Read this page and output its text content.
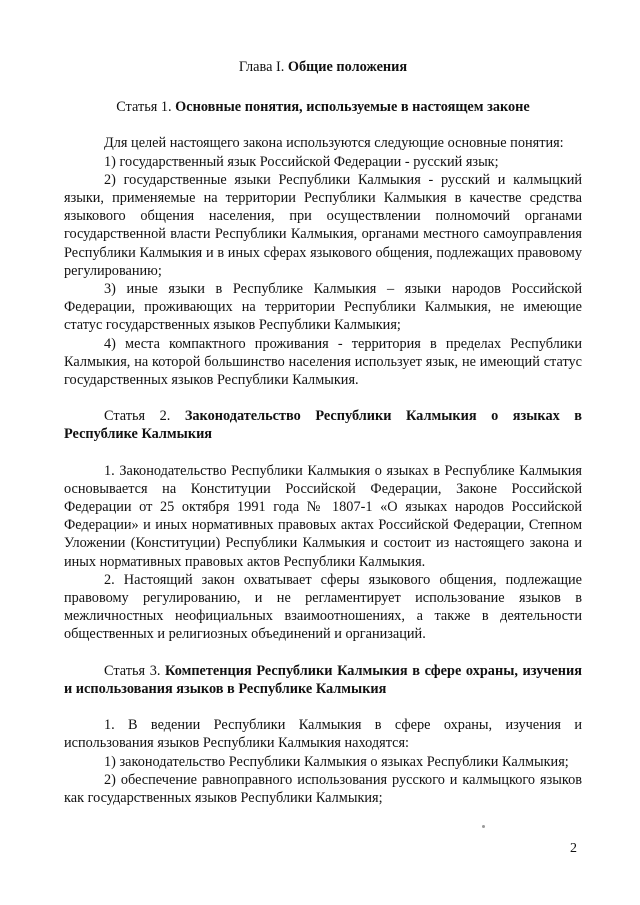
Глава I. Общие положения

Статья 1. Основные понятия, используемые в настоящем законе

Для целей настоящего закона используются следующие основные понятия:

1) государственный язык Российской Федерации - русский язык;

2) государственные языки Республики Калмыкия - русский и калмыцкий языки, применяемые на территории Республики Калмыкия в качестве средства языкового общения населения, при осуществлении полномочий органами государственной власти Республики Калмыкия, органами местного самоуправления Республики Калмыкия и в иных сферах языкового общения, подлежащих правовому регулированию;

3) иные языки в Республике Калмыкия – языки народов Российской Федерации, проживающих на территории Республики Калмыкия, не имеющие статус государственных языков Республики Калмыкия;

4) места компактного проживания - территория в пределах Республики Калмыкия, на которой большинство населения использует язык, не имеющий статус государственных языков Республики Калмыкия.

Статья 2. Законодательство Республики Калмыкия о языках в Республике Калмыкия

1. Законодательство Республики Калмыкия о языках в Республике Калмыкия основывается на Конституции Российской Федерации, Законе Российской Федерации от 25 октября 1991 года № 1807-1 «О языках народов Российской Федерации» и иных нормативных правовых актах Российской Федерации, Степном Уложении (Конституции) Республики Калмыкия и состоит из настоящего закона и иных нормативных правовых актов Республики Калмыкия.

2. Настоящий закон охватывает сферы языкового общения, подлежащие правовому регулированию, и не регламентирует использование языков в межличностных неофициальных взаимоотношениях, а также в деятельности общественных и религиозных объединений и организаций.

Статья 3. Компетенция Республики Калмыкия в сфере охраны, изучения и использования языков в Республике Калмыкия

1. В ведении Республики Калмыкия в сфере охраны, изучения и использования языков Республики Калмыкия находятся:

1) законодательство Республики Калмыкия о языках Республики Калмыкия;

2) обеспечение равноправного использования русского и калмыцкого языков как государственных языков Республики Калмыкия;

2
